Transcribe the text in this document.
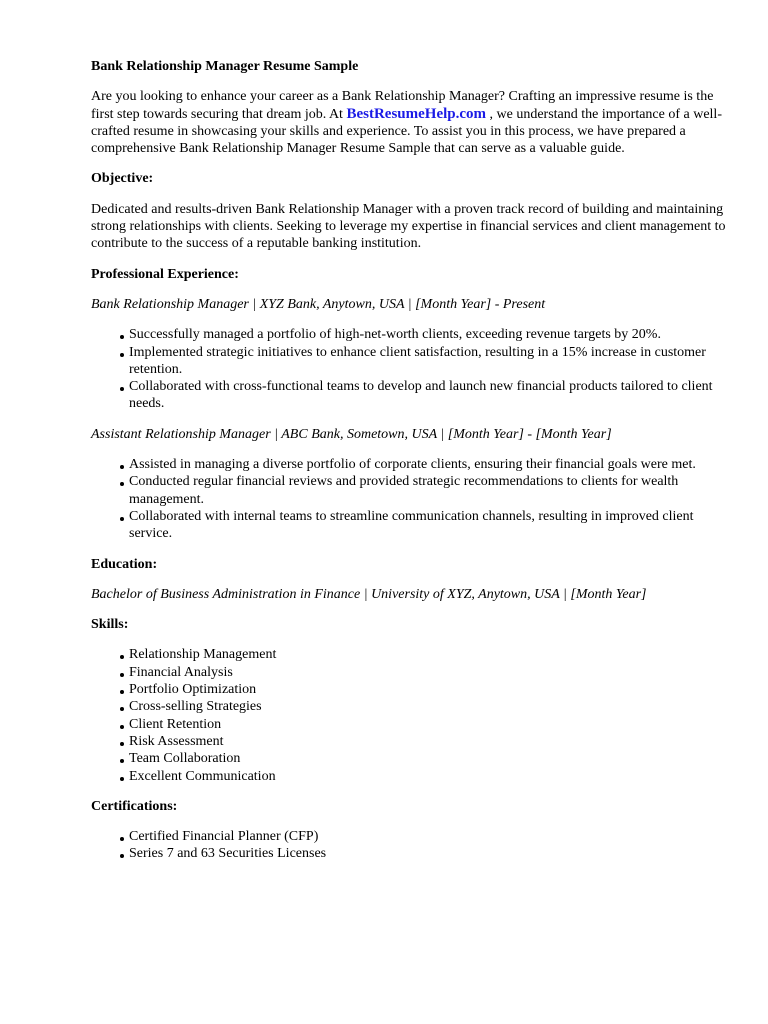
Bank Relationship Manager Resume Sample
Are you looking to enhance your career as a Bank Relationship Manager? Crafting an impressive resume is the first step towards securing that dream job. At BestResumeHelp.com , we understand the importance of a well-crafted resume in showcasing your skills and experience. To assist you in this process, we have prepared a comprehensive Bank Relationship Manager Resume Sample that can serve as a valuable guide.
Objective:
Dedicated and results-driven Bank Relationship Manager with a proven track record of building and maintaining strong relationships with clients. Seeking to leverage my expertise in financial services and client management to contribute to the success of a reputable banking institution.
Professional Experience:
Bank Relationship Manager | XYZ Bank, Anytown, USA | [Month Year] - Present
Successfully managed a portfolio of high-net-worth clients, exceeding revenue targets by 20%.
Implemented strategic initiatives to enhance client satisfaction, resulting in a 15% increase in customer retention.
Collaborated with cross-functional teams to develop and launch new financial products tailored to client needs.
Assistant Relationship Manager | ABC Bank, Sometown, USA | [Month Year] - [Month Year]
Assisted in managing a diverse portfolio of corporate clients, ensuring their financial goals were met.
Conducted regular financial reviews and provided strategic recommendations to clients for wealth management.
Collaborated with internal teams to streamline communication channels, resulting in improved client service.
Education:
Bachelor of Business Administration in Finance | University of XYZ, Anytown, USA | [Month Year]
Skills:
Relationship Management
Financial Analysis
Portfolio Optimization
Cross-selling Strategies
Client Retention
Risk Assessment
Team Collaboration
Excellent Communication
Certifications:
Certified Financial Planner (CFP)
Series 7 and 63 Securities Licenses
